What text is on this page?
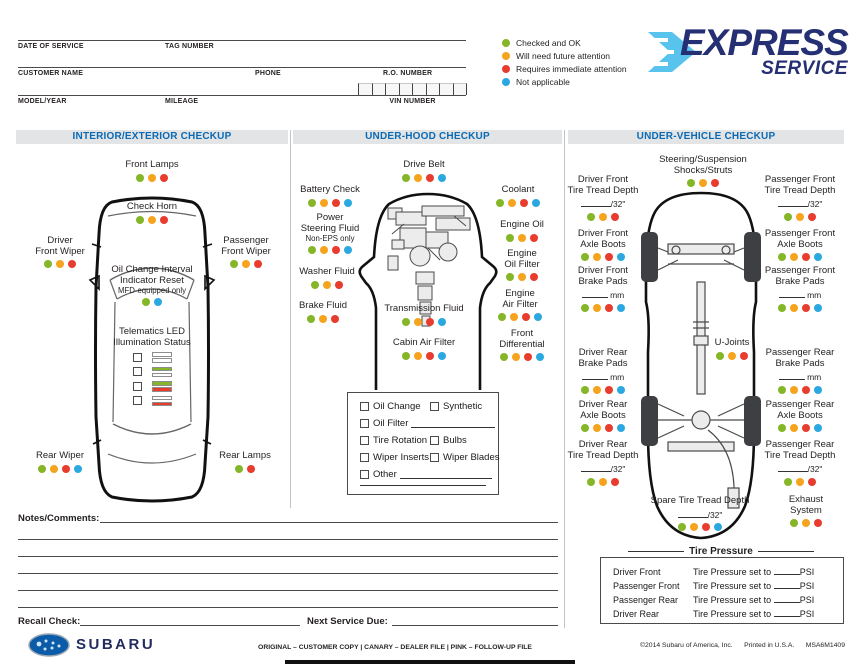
DATE OF SERVICE	TAG NUMBER
CUSTOMER NAME	PHONE	R.O. NUMBER
MODEL/YEAR	MILEAGE	VIN NUMBER
Checked and OK
Will need future attention
Requires immediate attention
Not applicable
EXPRESS
SERVICE
INTERIOR/EXTERIOR CHECKUP	UNDER-HOOD CHECKUP	UNDER-VEHICLE CHECKUP
Front Lamps
Check Horn
Driver
Front Wiper
Passenger
Front Wiper
Oil Change Interval
Indicator Reset
MFD-equipped only
Telematics LED
Illumination Status
Rear Wiper	Rear Lamps
Drive Belt
Battery Check
Power
Steering Fluid
Non-EPS only
Washer Fluid
Brake Fluid	Transmission Fluid
Cabin Air Filter
Coolant
Engine Oil
Engine
Oil Filter
Engine
Air Filter
Front
Differential
Oil Change Synthetic
Oil Filter
Tire Rotation Bulbs
Wiper Inserts Wiper Blades
Other
Steering/Suspension
Shocks/Struts
Driver Front
Tire Tread Depth
/32"
Passenger Front
Tire Tread Depth
/32"
Driver Front
Axle Boots
Passenger Front
Axle Boots
Driver Front
Brake Pads
mm
Passenger Front
Brake Pads
mm
U-Joints
Driver Rear
Brake Pads
mm
Passenger Rear
Brake Pads
mm
Driver Rear
Axle Boots
Passenger Rear
Axle Boots
Driver Rear
Tire Tread Depth
/32"
Passenger Rear
Tire Tread Depth
/32"
Spare Tire Tread Depth
/32"
Exhaust
System
Tire Pressure
Driver Front	Tire Pressure set to	PSI
Passenger Front	Tire Pressure set to	PSI
Passenger Rear	Tire Pressure set to	PSI
Driver Rear	Tire Pressure set to	PSI
Notes/Comments:
Recall Check:	Next Service Due:
SUBARU	ORIGINAL – CUSTOMER COPY | CANARY – DEALER FILE | PINK – FOLLOW-UP FILE	©2014 Subaru of America, Inc. Printed in U.S.A. MSA6M1409
